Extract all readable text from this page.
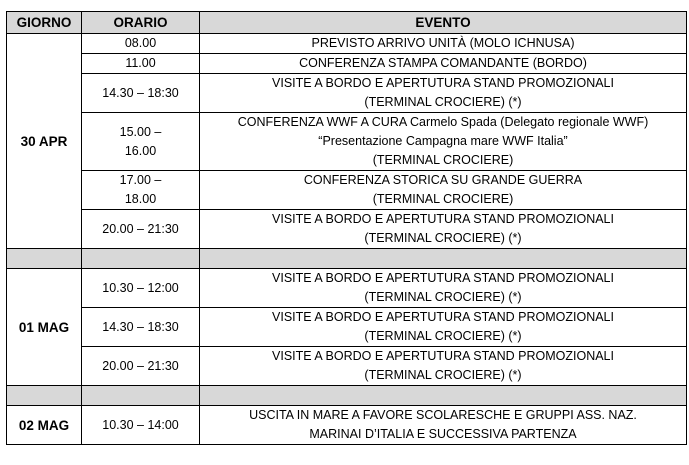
GIORNO	ORARIO	EVENTO
30 APR	08.00	PREVISTO ARRIVO UNITÀ (MOLO ICHNUSA)

	11.00	CONFERENZA STAMPA COMANDANTE (BORDO)

	14.30 – 18:30	VISITE A BORDO E APERTUTURA STAND PROMOZIONALI
(TERMINAL CROCIERE) (*)

	15.00 –
16.00	CONFERENZA WWF A CURA Carmelo Spada (Delegato regionale WWF)
“Presentazione Campagna mare WWF Italia”
(TERMINAL CROCIERE)

	17.00 –
18.00	CONFERENZA STORICA SU GRANDE GUERRA
(TERMINAL CROCIERE)

	20.00 – 21:30	VISITE A BORDO E APERTUTURA STAND PROMOZIONALI
(TERMINAL CROCIERE) (*)

01 MAG	10.30 – 12:00	VISITE A BORDO E APERTUTURA STAND PROMOZIONALI
(TERMINAL CROCIERE) (*)

	14.30 – 18:30	VISITE A BORDO E APERTUTURA STAND PROMOZIONALI
(TERMINAL CROCIERE) (*)

	20.00 – 21:30	VISITE A BORDO E APERTUTURA STAND PROMOZIONALI
(TERMINAL CROCIERE) (*)

02 MAG	10.30 – 14:00	USCITA IN MARE A FAVORE SCOLARESCHE E GRUPPI ASS. NAZ.
MARINAI D’ITALIA E SUCCESSIVA PARTENZA
